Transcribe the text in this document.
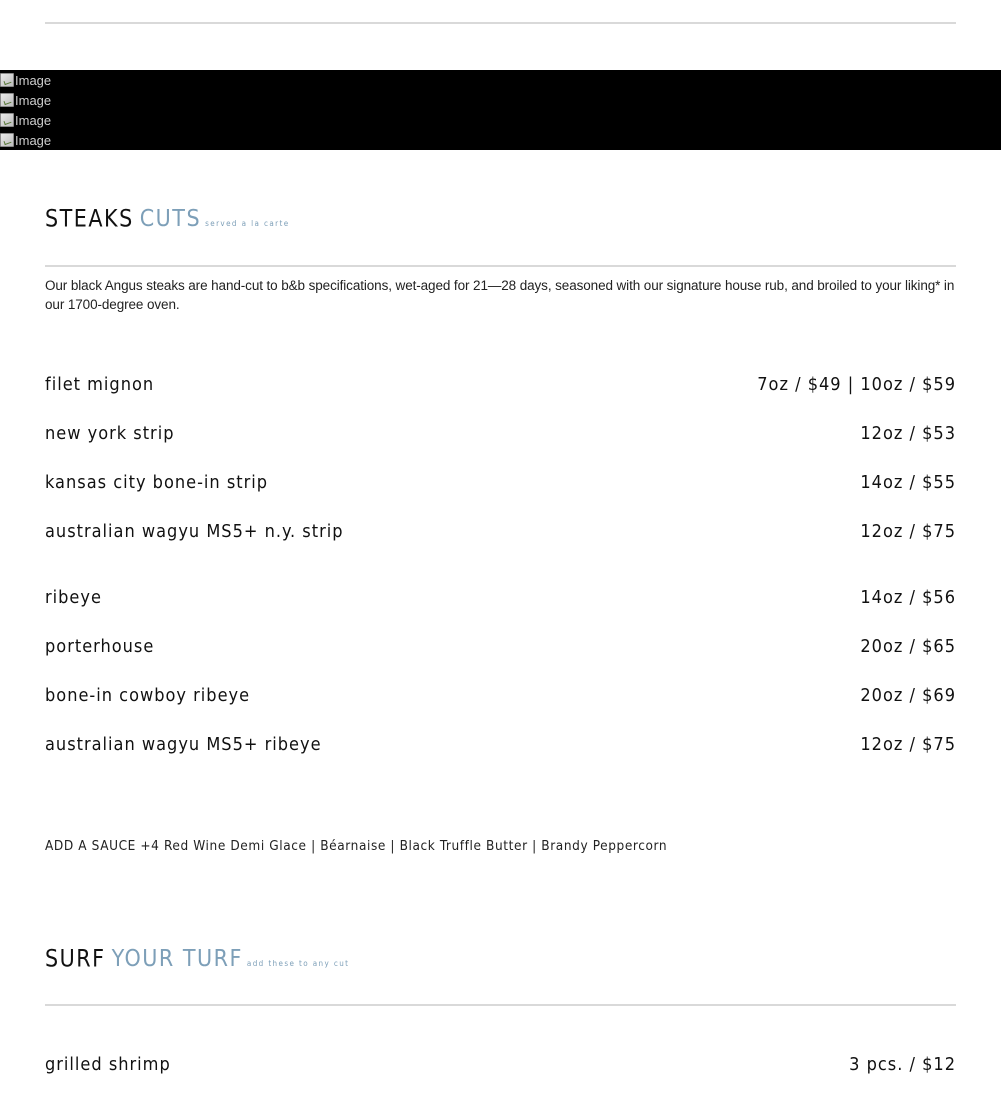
Image
Image
Image
Image
STEAKS CUTS served a la carte
Our black Angus steaks are hand-cut to b&b specifications, wet-aged for 21—28 days, seasoned with our signature house rub, and broiled to your liking* in our 1700-degree oven.
filet mignon	7oz / $49 | 10oz / $59
new york strip	12oz / $53
kansas city bone-in strip	14oz / $55
australian wagyu MS5+ n.y. strip	12oz / $75
ribeye	14oz / $56
porterhouse	20oz / $65
bone-in cowboy ribeye	20oz / $69
australian wagyu MS5+ ribeye	12oz / $75
ADD A SAUCE +4 Red Wine Demi Glace | Béarnaise | Black Truffle Butter | Brandy Peppercorn
SURF YOUR TURF add these to any cut
grilled shrimp	3 pcs. / $12
